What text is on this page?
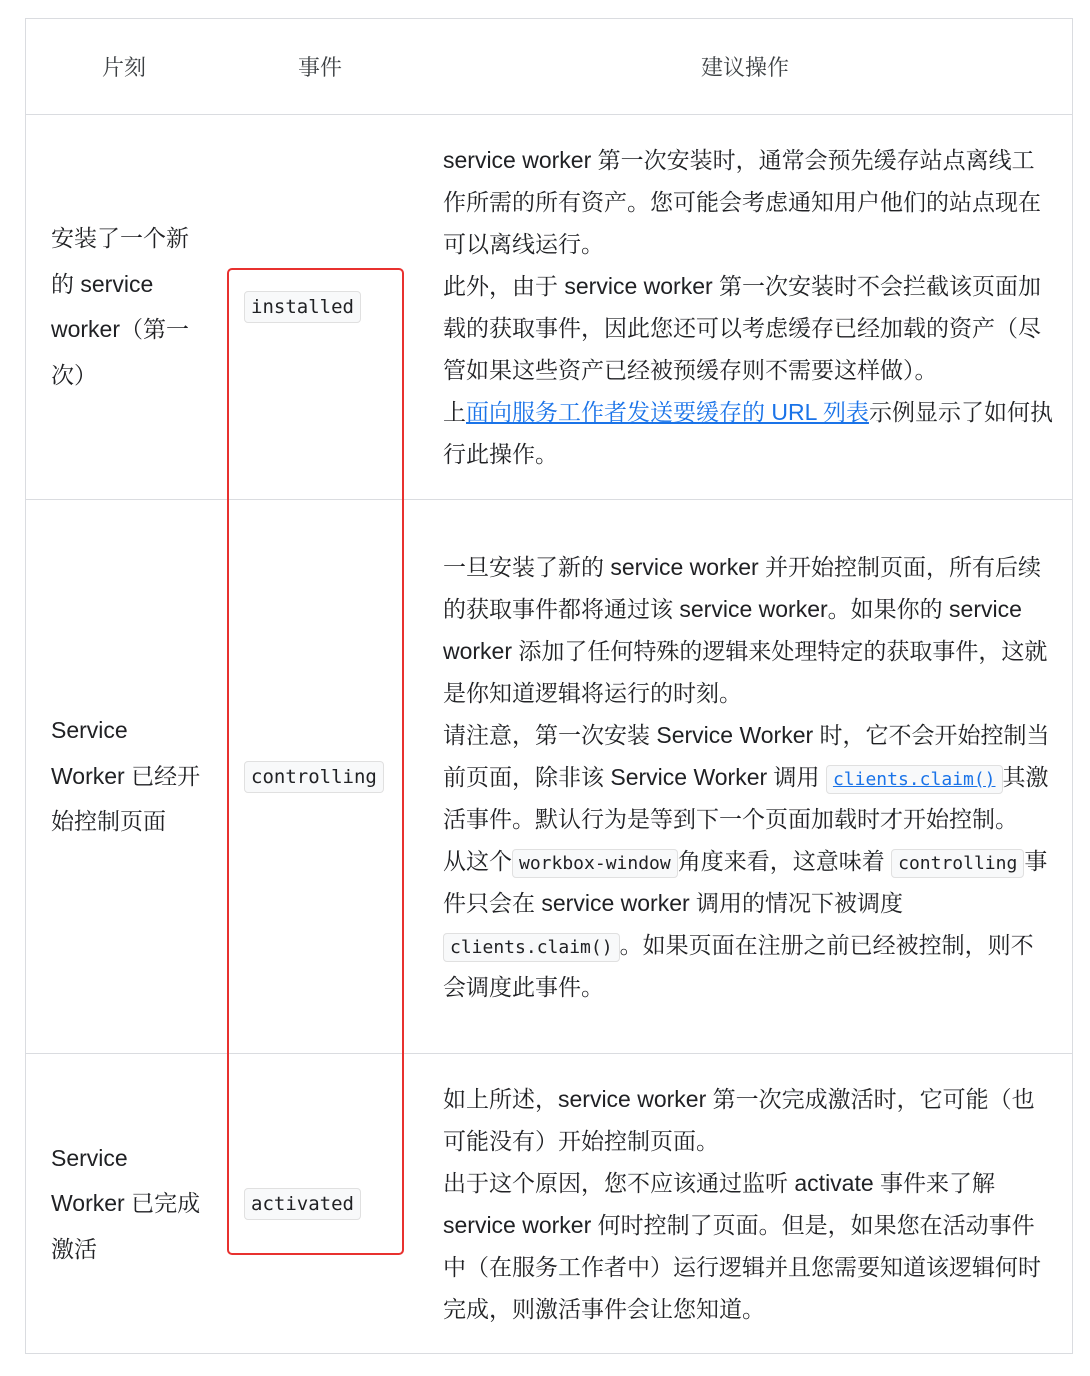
片刻	事件	建议操作
安装了一个新的 service worker（第一次）
installed
service worker 第一次安装时，通常会预先缓存站点离线工作所需的所有资产。您可能会考虑通知用户他们的站点现在可以离线运行。
此外，由于 service worker 第一次安装时不会拦截该页面加载的获取事件，因此您还可以考虑缓存已经加载的资产（尽管如果这些资产已经被预缓存则不需要这样做）。
上面向服务工作者发送要缓存的 URL 列表示例显示了如何执行此操作。
Service Worker 已经开始控制页面
controlling
一旦安装了新的 service worker 并开始控制页面，所有后续的获取事件都将通过该 service worker。如果你的 service worker 添加了任何特殊的逻辑来处理特定的获取事件，这就是你知道逻辑将运行的时刻。
请注意，第一次安装 Service Worker 时，它不会开始控制当前页面，除非该 Service Worker 调用 clients.claim() 其激活事件。默认行为是等到下一个页面加载时才开始控制。
从这个 workbox-window 角度来看，这意味着 controlling 事件只会在 service worker 调用的情况下被调度clients.claim() 。如果页面在注册之前已经被控制，则不会调度此事件。
Service Worker 已完成激活
activated
如上所述，service worker 第一次完成激活时，它可能（也可能没有）开始控制页面。
出于这个原因，您不应该通过监听 activate 事件来了解 service worker 何时控制了页面。但是，如果您在活动事件中（在服务工作者中）运行逻辑并且您需要知道该逻辑何时完成，则激活事件会让您知道。
